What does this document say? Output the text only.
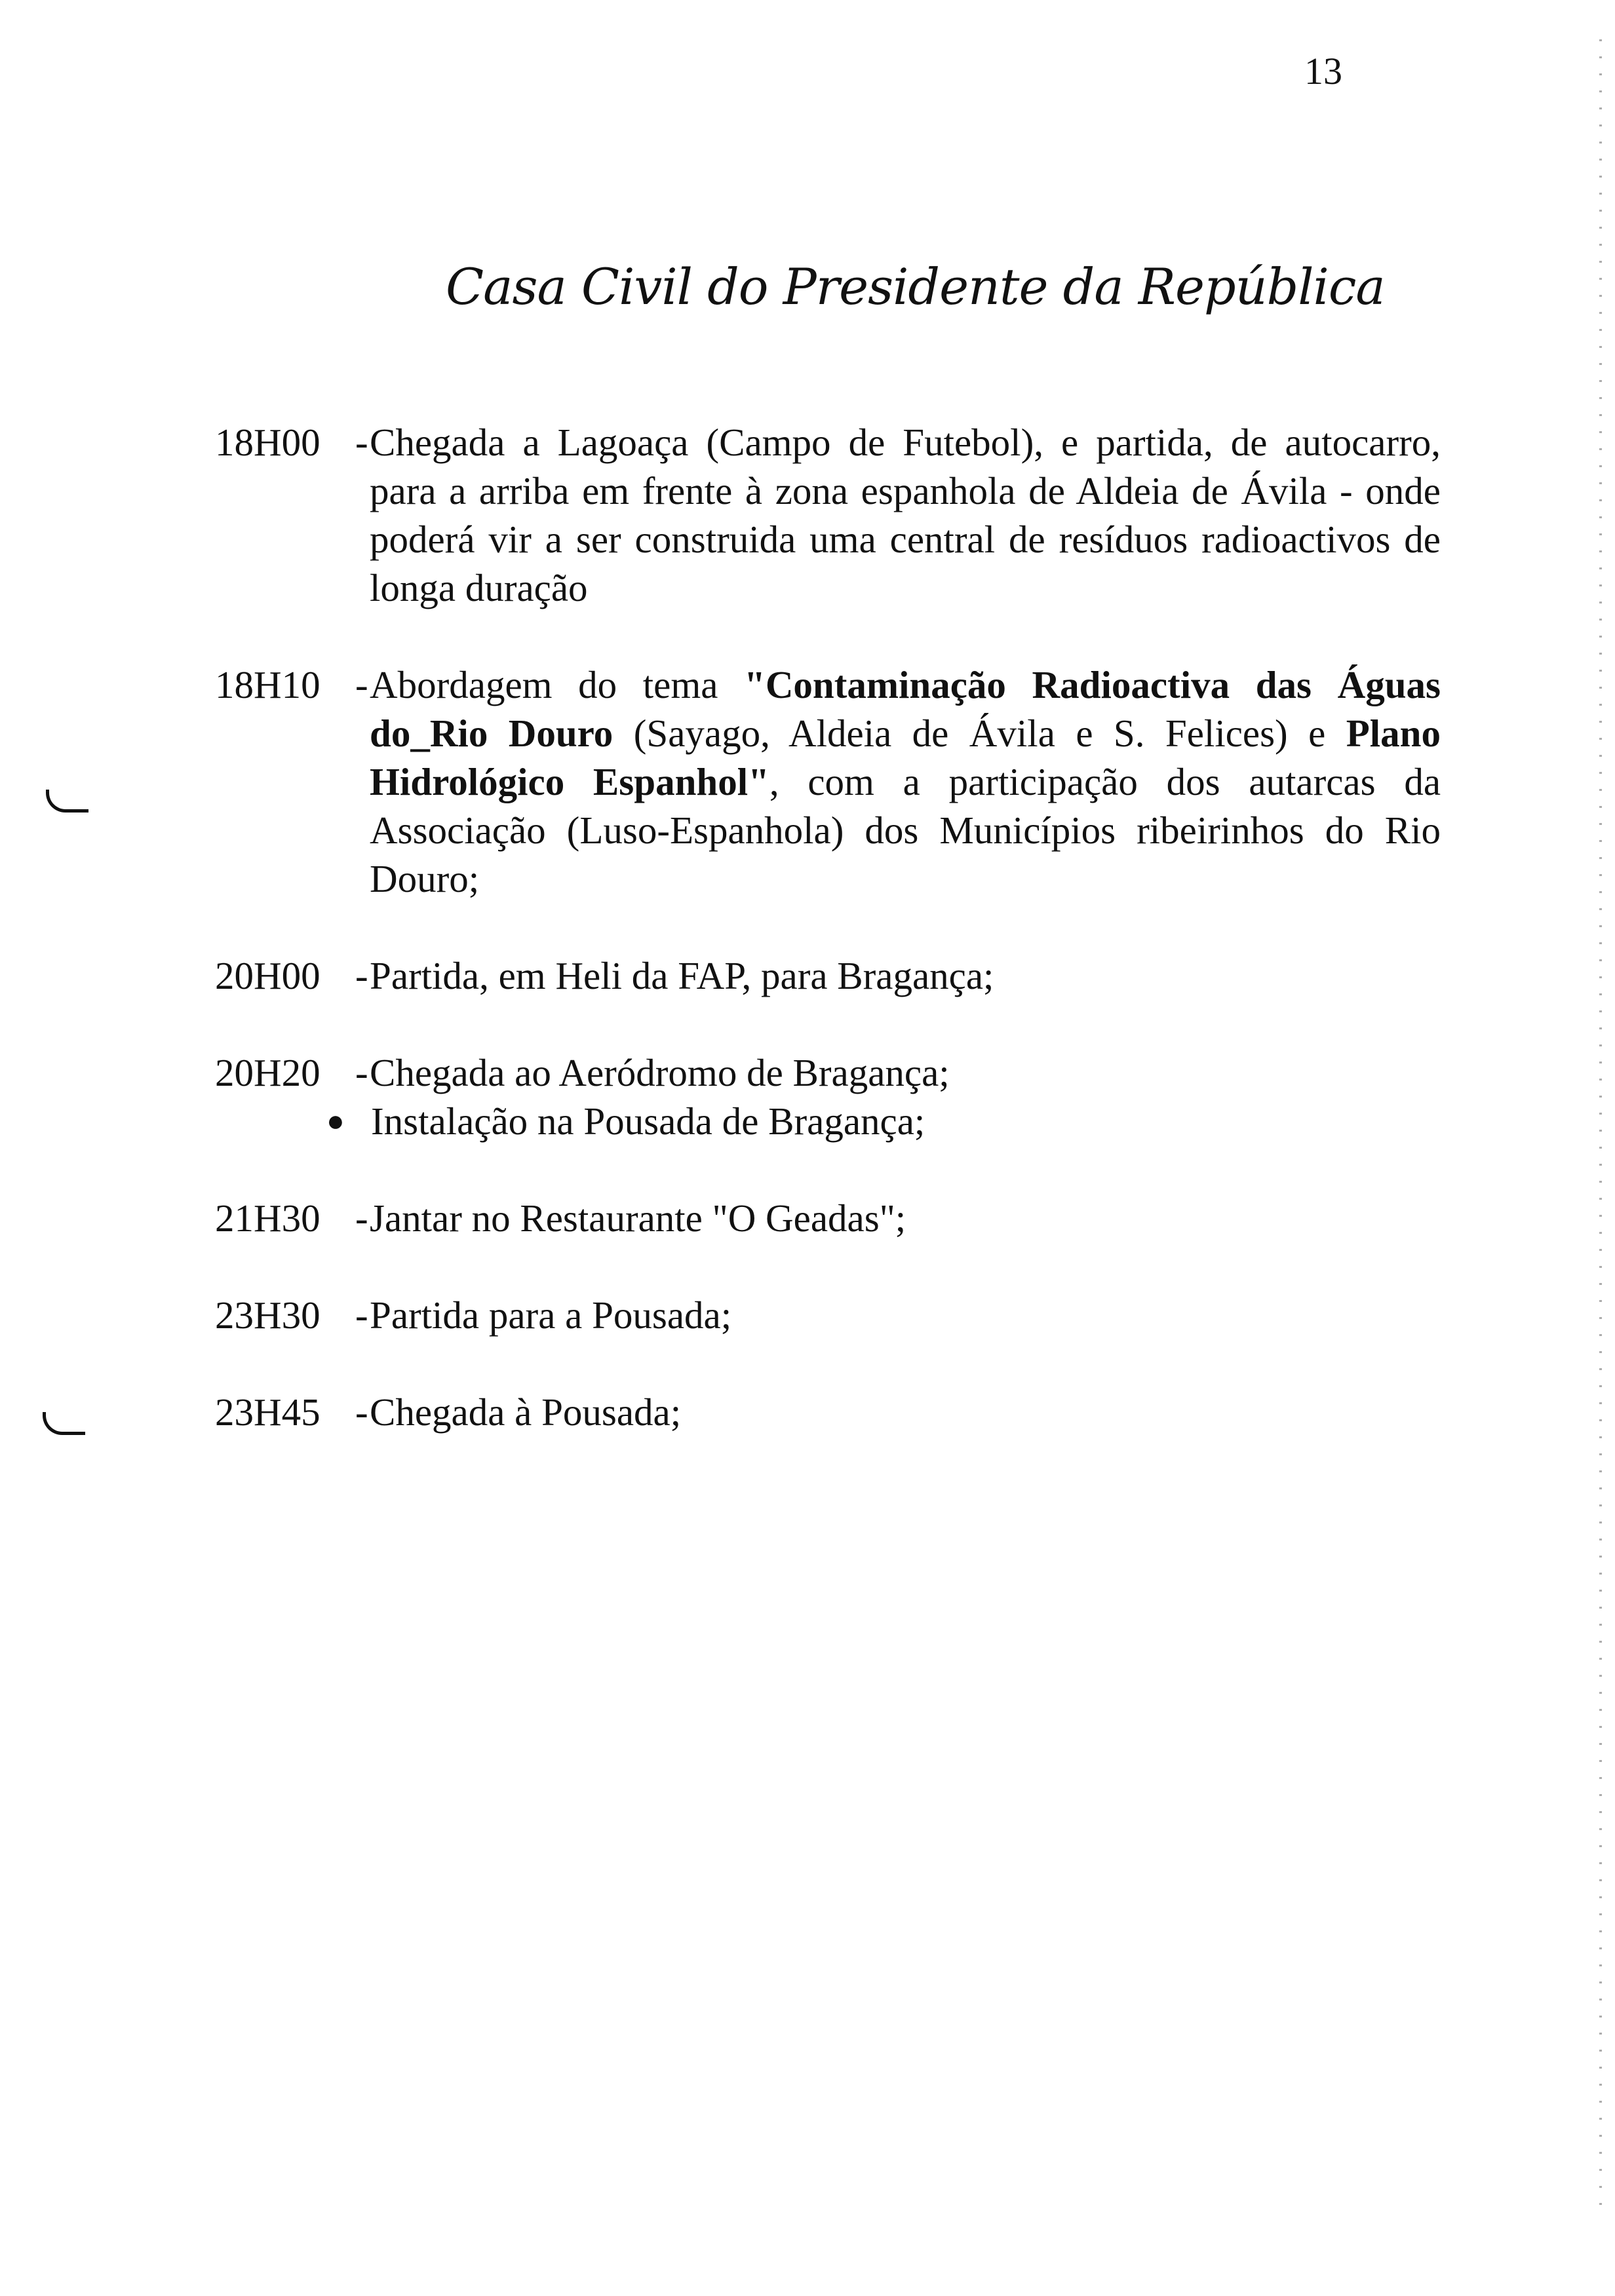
13
Casa Civil do Presidente da República
18H00 - Chegada a Lagoaça (Campo de Futebol), e partida, de autocarro, para a arriba em frente à zona espanhola de Aldeia de Ávila - onde poderá vir a ser construida uma central de resíduos radioactivos de longa duração
18H10 - Abordagem do tema "Contaminação Radioactiva das Águas do_Rio Douro (Sayago, Aldeia de Ávila e S. Felices) e Plano Hidrológico Espanhol", com a participação dos autarcas da Associação (Luso-Espanhola) dos Municípios ribeirinhos do Rio Douro;
20H00 - Partida, em Heli da FAP, para Bragança;
20H20 - Chegada ao Aeródromo de Bragança;
● Instalação na Pousada de Bragança;
21H30 - Jantar no Restaurante "O Geadas";
23H30 - Partida para a Pousada;
23H45 - Chegada à Pousada;
